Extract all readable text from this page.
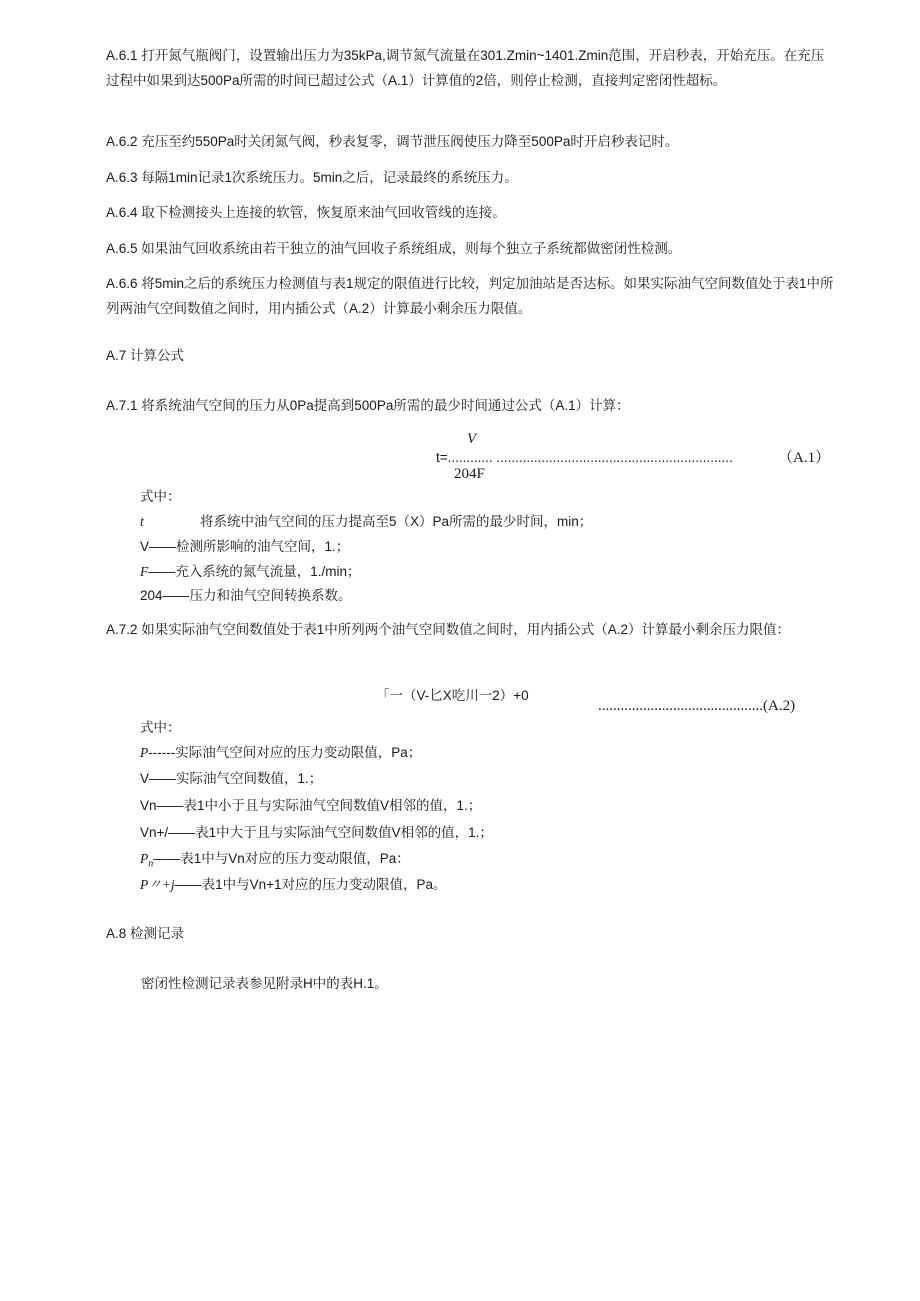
A.6.1 打开氮气瓶阀门，设置输出压力为35kPa,调节氮气流量在301.Zmin~1401.Zmin范围，开启秒表，开始充压。在充压过程中如果到达500Pa所需的时间已超过公式（A.1）计算值的2倍，则停止检测，直接判定密闭性超标。

A.6.2 充压至约550Pa时关闭氮气阀，秒表复零，调节泄压阀使压力降至500Pa时开启秒表记时。

A.6.3 每隔1min记录1次系统压力。5min之后，记录最终的系统压力。

A.6.4 取下检测接头上连接的软管，恢复原来油气回收管线的连接。

A.6.5 如果油气回收系统由若干独立的油气回收子系统组成，则每个独立子系统都做密闭性检测。

A.6.6 将5min之后的系统压力检测值与表1规定的限值进行比较，判定加油站是否达标。如果实际油气空间数值处于表1中所列两油气空间数值之间时，用内插公式（A.2）计算最小剩余压力限值。

A.7 计算公式

A.7.1 将系统油气空间的压力从0Pa提高到500Pa所需的最少时间通过公式（A.1）计算：

V
t=............ ...............................................................	（A.1）
204F
式中：
t	将系统中油气空间的压力提高至5（X）Pa所需的最少时间，min；
V——检测所影响的油气空间，1.；
F——充入系统的氮气流量，1./min；
204——压力和油气空间转换系数。

A.7.2 如果实际油气空间数值处于表1中所列两个油气空间数值之间时，用内插公式（A.2）计算最小剩余压力限值：

「一（V-匕X吃川一2）+0
............................................(A.2)
式中：
P------实际油气空间对应的压力变动限值，Pa；
V——实际油气空间数值，1.；
Vn——表1中小于且与实际油气空间数值V相邻的值，1.；
Vn+/——表1中大于且与实际油气空间数值V相邻的值，1.；
$P_n——$表1中与Vn对应的压力变动限值，Pa：
P〃+j——表1中与Vn+1对应的压力变动限值，Pa。
A.8 检测记录

密闭性检测记录表参见附录H中的表H.1。
